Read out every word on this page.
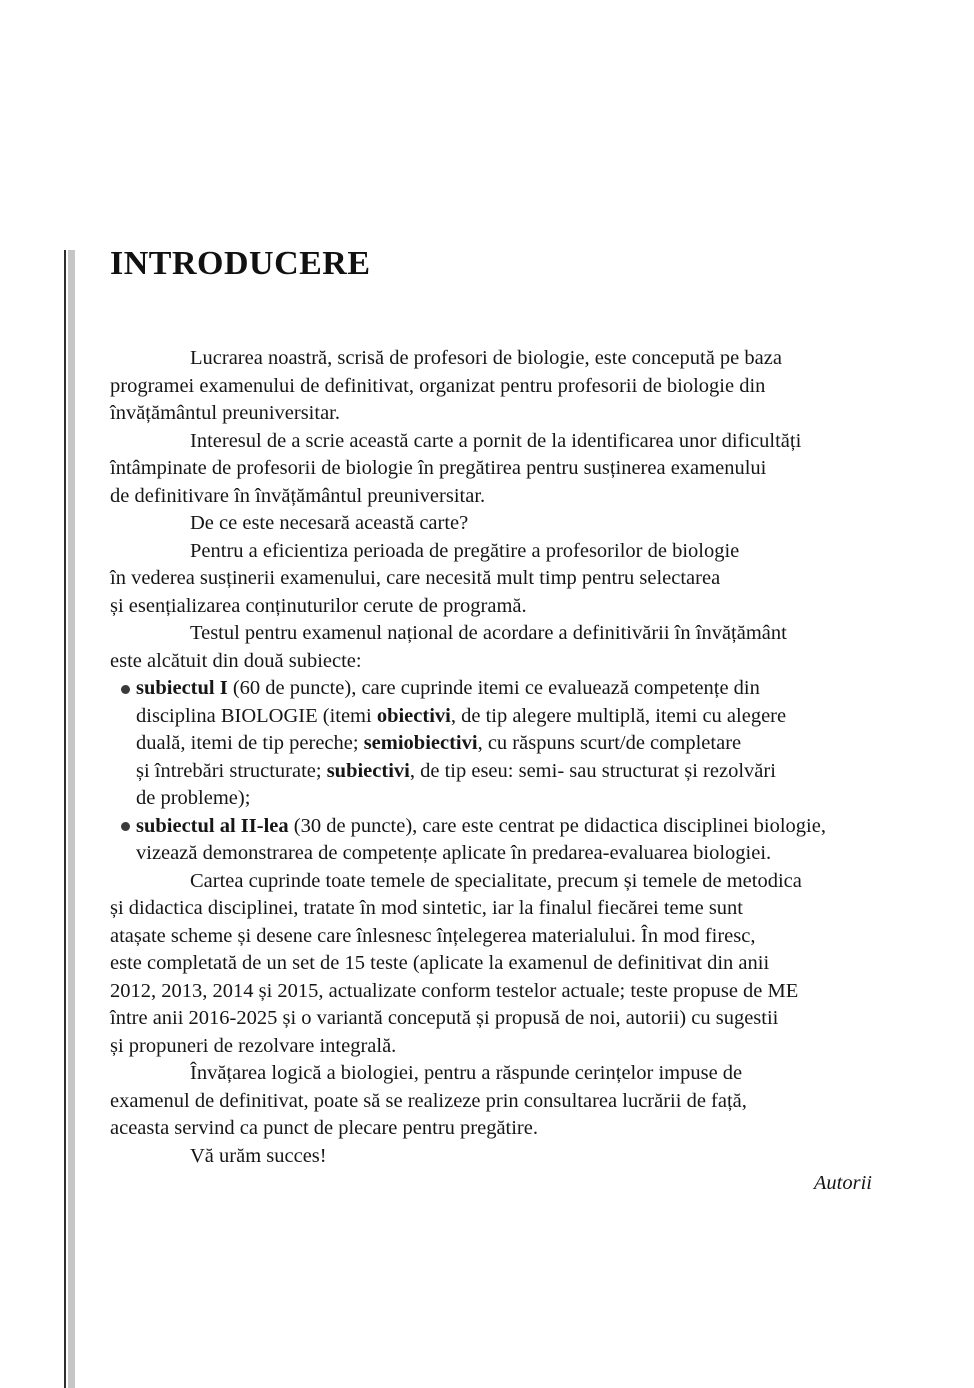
INTRODUCERE

Lucrarea noastră, scrisă de profesori de biologie, este concepută pe baza
programei examenului de definitivat, organizat pentru profesorii de biologie din
învățământul preuniversitar.

Interesul de a scrie această carte a pornit de la identificarea unor dificultăți
întâmpinate de profesorii de biologie în pregătirea pentru susținerea examenului
de definitivare în învățământul preuniversitar.

De ce este necesară această carte?

Pentru a eficientiza perioada de pregătire a profesorilor de biologie
în vederea susținerii examenului, care necesită mult timp pentru selectarea
și esențializarea conținuturilor cerute de programă.

Testul pentru examenul național de acordare a definitivării în învățământ
este alcătuit din două subiecte:

subiectul I (60 de puncte), care cuprinde itemi ce evaluează competențe din
disciplina BIOLOGIE (itemi obiectivi, de tip alegere multiplă, itemi cu alegere
duală, itemi de tip pereche; semiobiectivi, cu răspuns scurt/de completare
și întrebări structurate; subiectivi, de tip eseu: semi- sau structurat și rezolvări
de probleme);
subiectul al II-lea (30 de puncte), care este centrat pe didactica disciplinei biologie,
vizează demonstrarea de competențe aplicate în predarea-evaluarea biologiei.

Cartea cuprinde toate temele de specialitate, precum și temele de metodica
și didactica disciplinei, tratate în mod sintetic, iar la finalul fiecărei teme sunt
atașate scheme și desene care înlesnesc înțelegerea materialului. În mod firesc,
este completată de un set de 15 teste (aplicate la examenul de definitivat din anii
2012, 2013, 2014 și 2015, actualizate conform testelor actuale; teste propuse de ME
între anii 2016-2025 și o variantă concepută și propusă de noi, autorii) cu sugestii
și propuneri de rezolvare integrală.

Învățarea logică a biologiei, pentru a răspunde cerințelor impuse de
examenul de definitivat, poate să se realizeze prin consultarea lucrării de față,
aceasta servind ca punct de plecare pentru pregătire.

Vă urăm succes!

Autorii
